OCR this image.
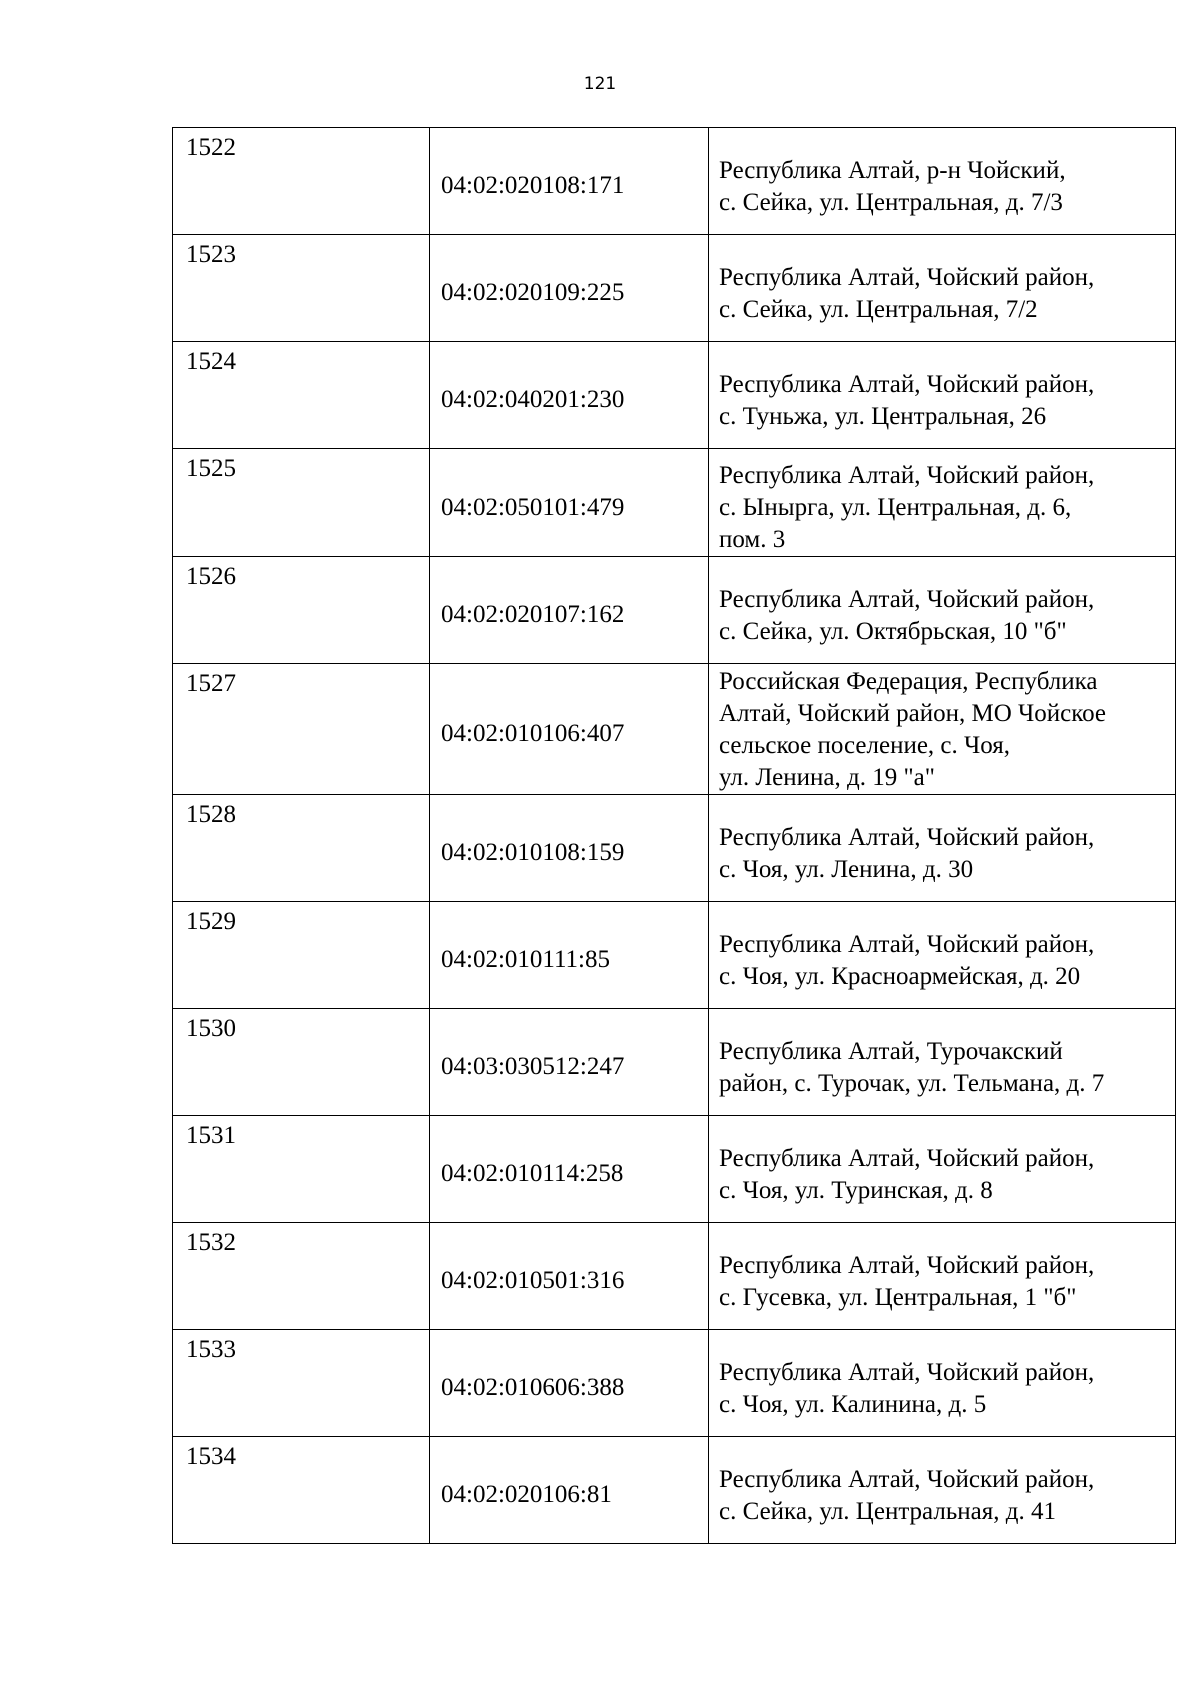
121
1522	04:02:020108:171	Республика Алтай, р-н Чойский,
с. Сейка, ул. Центральная, д. 7/3

1523	04:02:020109:225	Республика Алтай, Чойский район,
с. Сейка, ул. Центральная, 7/2

1524	04:02:040201:230	Республика Алтай, Чойский район,
с. Туньжа, ул. Центральная, 26

1525	04:02:050101:479	Республика Алтай, Чойский район,
с. Ыныргa, ул. Центральная, д. 6,
пом. 3

1526	04:02:020107:162	Республика Алтай, Чойский район,
с. Сейка, ул. Октябрьская, 10 "б"

1527	04:02:010106:407	Российская Федерация, Республика
Алтай, Чойский район, МО Чойское
сельское поселение, с. Чоя,
ул. Ленина, д. 19 "а"

1528	04:02:010108:159	Республика Алтай, Чойский район,
с. Чоя, ул. Ленина, д. 30

1529	04:02:010111:85	Республика Алтай, Чойский район,
с. Чоя, ул. Красноармейская, д. 20

1530	04:03:030512:247	Республика Алтай, Турочакский
район, с. Турочак, ул. Тельмана, д. 7

1531	04:02:010114:258	Республика Алтай, Чойский район,
с. Чоя, ул. Туринская, д. 8

1532	04:02:010501:316	Республика Алтай, Чойский район,
с. Гусевка, ул. Центральная, 1 "б"

1533	04:02:010606:388	Республика Алтай, Чойский район,
с. Чоя, ул. Калинина, д. 5

1534	04:02:020106:81	Республика Алтай, Чойский район,
с. Сейка, ул. Центральная, д. 41
